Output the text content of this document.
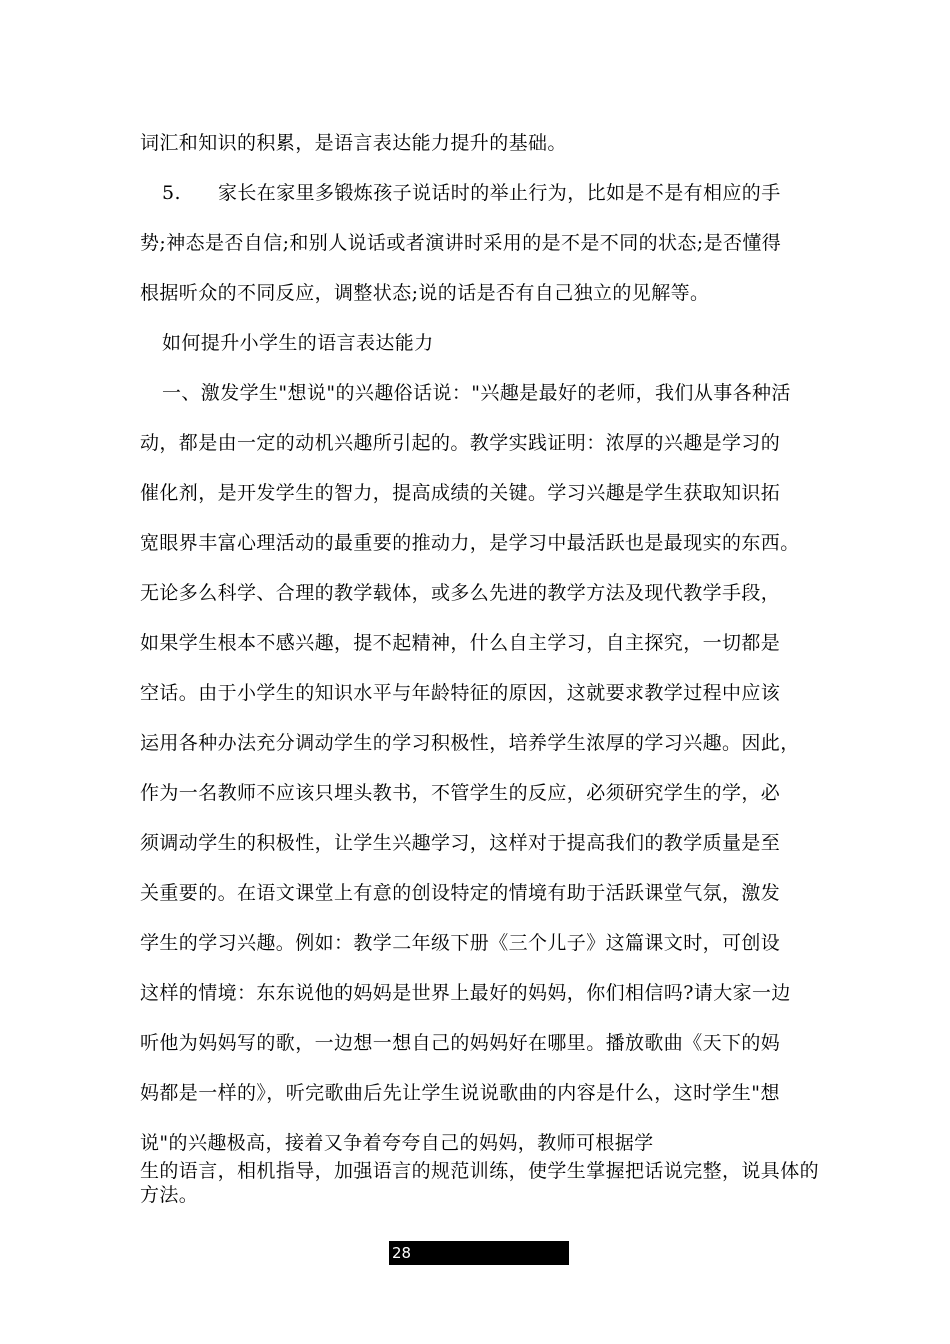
词汇和知识的积累，是语言表达能力提升的基础。
5. 家长在家里多锻炼孩子说话时的举止行为，比如是不是有相应的手
势;神态是否自信;和别人说话或者演讲时采用的是不是不同的状态;是否懂得
根据听众的不同反应，调整状态;说的话是否有自己独立的见解等。
如何提升小学生的语言表达能力
一、激发学生"想说"的兴趣俗话说："兴趣是最好的老师，我们从事各种活
动，都是由一定的动机兴趣所引起的。教学实践证明：浓厚的兴趣是学习的
催化剂，是开发学生的智力，提高成绩的关键。学习兴趣是学生获取知识拓
宽眼界丰富心理活动的最重要的推动力，是学习中最活跃也是最现实的东西。
无论多么科学、合理的教学载体，或多么先进的教学方法及现代教学手段，
如果学生根本不感兴趣，提不起精神，什么自主学习，自主探究，一切都是
空话。由于小学生的知识水平与年龄特征的原因，这就要求教学过程中应该
运用各种办法充分调动学生的学习积极性，培养学生浓厚的学习兴趣。因此，
作为一名教师不应该只埋头教书，不管学生的反应，必须研究学生的学，必
须调动学生的积极性，让学生兴趣学习，这样对于提高我们的教学质量是至
关重要的。在语文课堂上有意的创设特定的情境有助于活跃课堂气氛，激发
学生的学习兴趣。例如：教学二年级下册《三个儿子》这篇课文时，可创设
这样的情境：东东说他的妈妈是世界上最好的妈妈，你们相信吗?请大家一边
听他为妈妈写的歌，一边想一想自己的妈妈好在哪里。播放歌曲《天下的妈
妈都是一样的》，听完歌曲后先让学生说说歌曲的内容是什么，这时学生"想
说"的兴趣极高，接着又争着夸夸自己的妈妈，教师可根据学
生的语言，相机指导，加强语言的规范训练，使学生掌握把话说完整，说具体的方法。
28
